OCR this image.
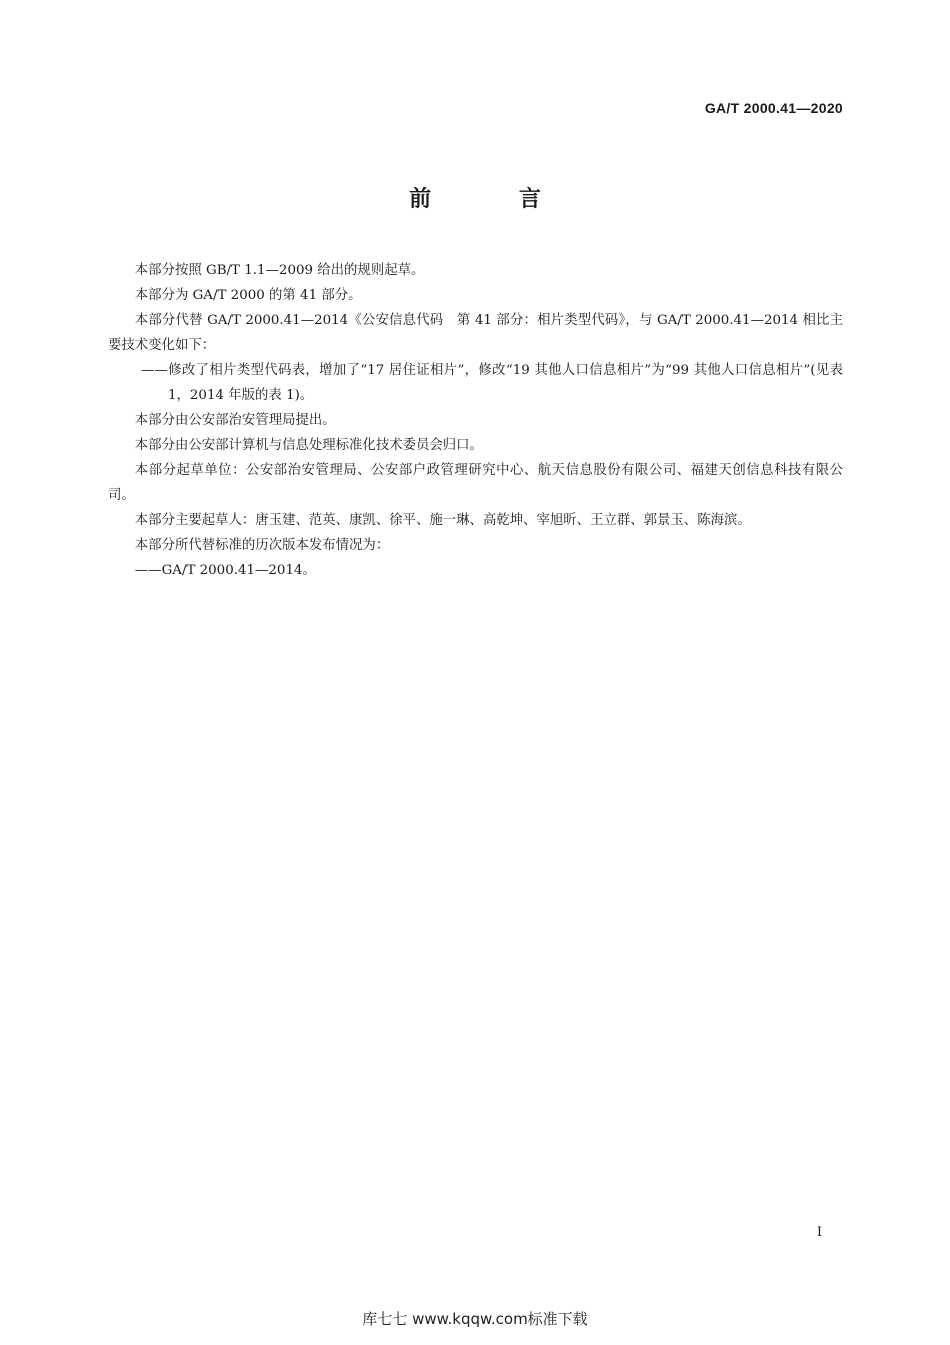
GA/T 2000.41—2020
前 言

本部分按照 GB/T 1.1—2009 给出的规则起草。

本部分为 GA/T 2000 的第 41 部分。

本部分代替 GA/T 2000.41—2014《公安信息代码　第 41 部分：相片类型代码》，与 GA/T 2000.41—2014 相比主要技术变化如下：

——修改了相片类型代码表，增加了“17 居住证相片”，修改“19 其他人口信息相片”为“99 其他人口信息相片”(见表 1，2014 年版的表 1)。

本部分由公安部治安管理局提出。

本部分由公安部计算机与信息处理标准化技术委员会归口。

本部分起草单位：公安部治安管理局、公安部户政管理研究中心、航天信息股份有限公司、福建天创信息科技有限公司。

本部分主要起草人：唐玉建、范英、康凯、徐平、施一琳、高乾坤、宰旭昕、王立群、郭景玉、陈海滨。

本部分所代替标准的历次版本发布情况为：

——GA/T 2000.41—2014。

I
库七七 www.kqqw.com标准下载
